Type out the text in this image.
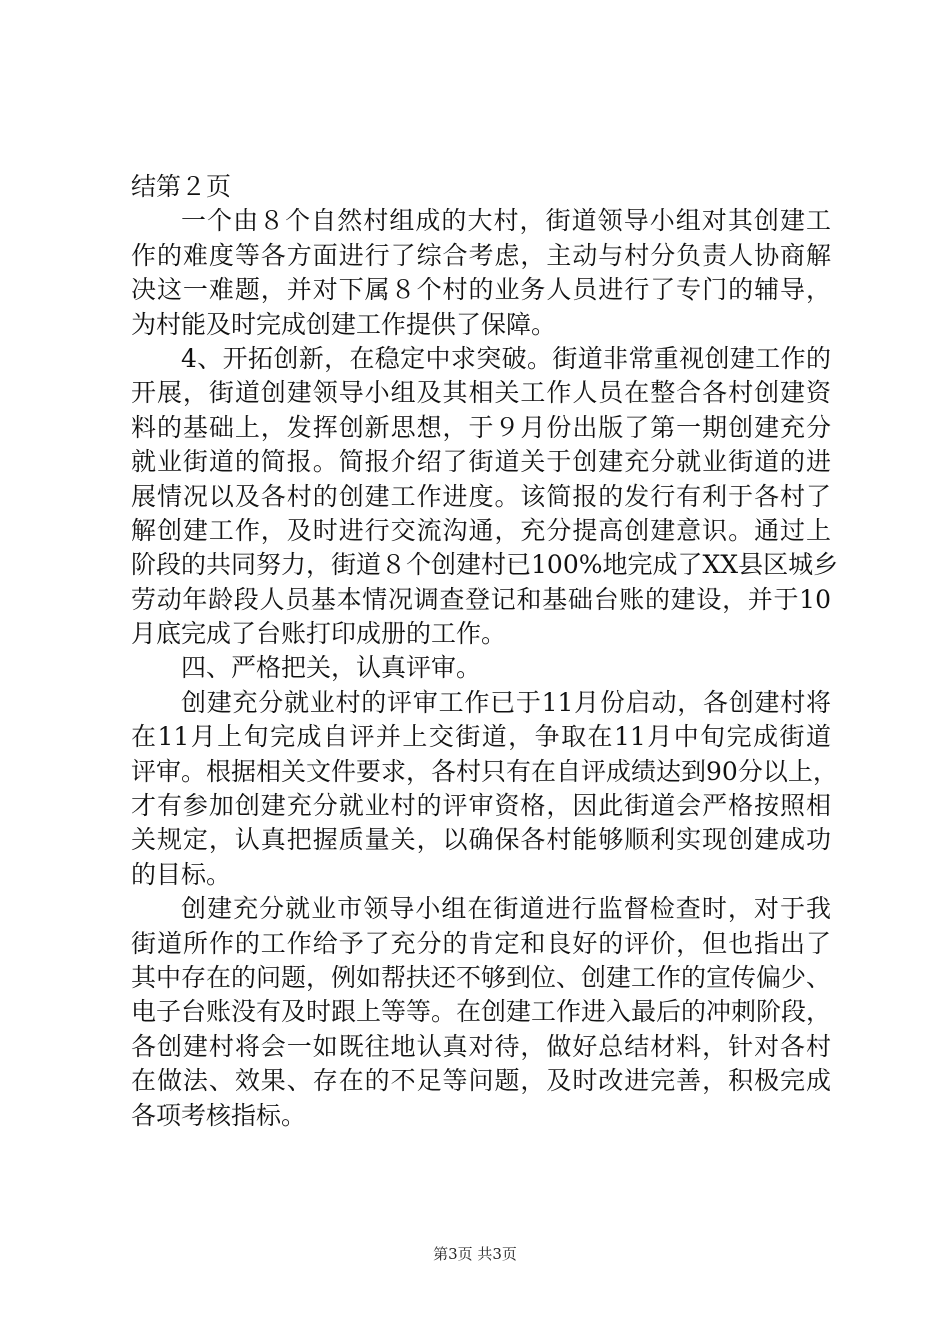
结第２页
一个由８个自然村组成的大村，街道领导小组对其创建工
作的难度等各方面进行了综合考虑，主动与村分负责人协商解
决这一难题，并对下属８个村的业务人员进行了专门的辅导，
为村能及时完成创建工作提供了保障。
4、开拓创新，在稳定中求突破。街道非常重视创建工作的
开展，街道创建领导小组及其相关工作人员在整合各村创建资
料的基础上，发挥创新思想，于９月份出版了第一期创建充分
就业街道的简报。简报介绍了街道关于创建充分就业街道的进
展情况以及各村的创建工作进度。该简报的发行有利于各村了
解创建工作，及时进行交流沟通，充分提高创建意识。通过上
阶段的共同努力，街道８个创建村已100%地完成了XX县区城乡
劳动年龄段人员基本情况调查登记和基础台账的建设，并于10
月底完成了台账打印成册的工作。
四、严格把关，认真评审。
创建充分就业村的评审工作已于11月份启动，各创建村将
在11月上旬完成自评并上交街道，争取在11月中旬完成街道
评审。根据相关文件要求，各村只有在自评成绩达到90分以上，
才有参加创建充分就业村的评审资格，因此街道会严格按照相
关规定，认真把握质量关，以确保各村能够顺利实现创建成功
的目标。
创建充分就业市领导小组在街道进行监督检查时，对于我
街道所作的工作给予了充分的肯定和良好的评价，但也指出了
其中存在的问题，例如帮扶还不够到位、创建工作的宣传偏少、
电子台账没有及时跟上等等。在创建工作进入最后的冲刺阶段，
各创建村将会一如既往地认真对待，做好总结材料，针对各村
在做法、效果、存在的不足等问题，及时改进完善，积极完成
各项考核指标。
第3页 共3页
